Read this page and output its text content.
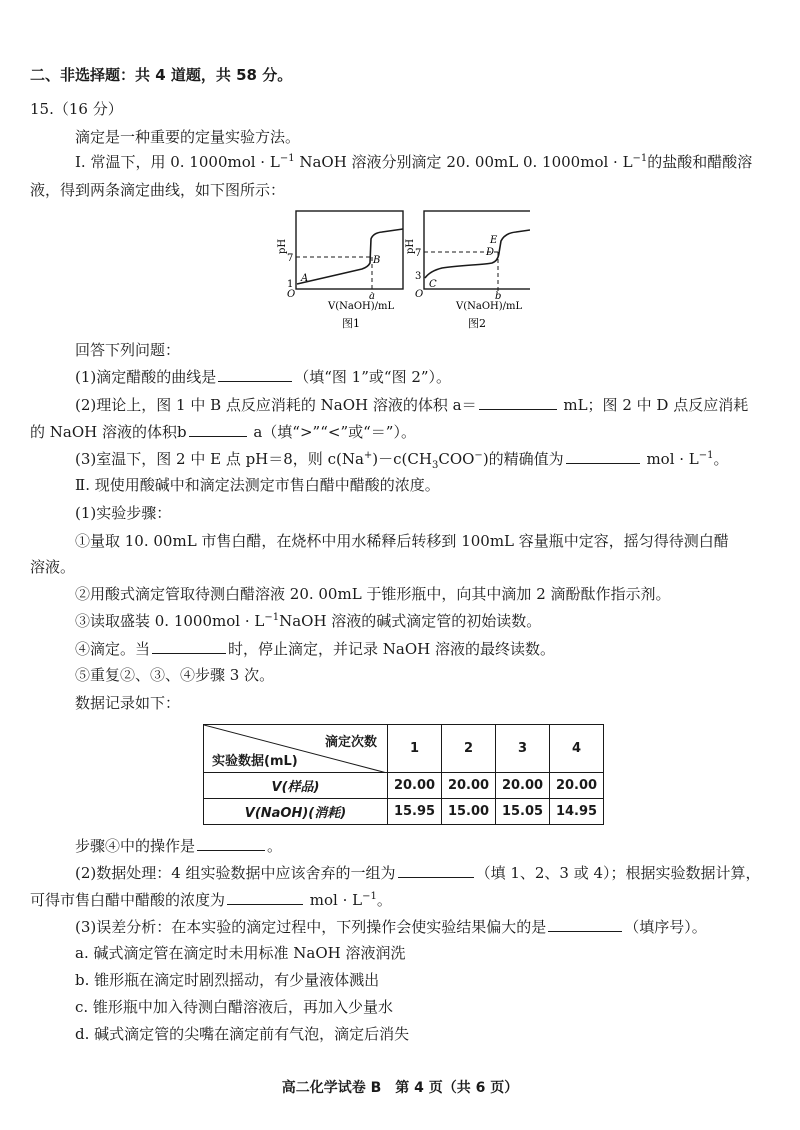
二、非选择题：共 4 道题，共 58 分。
15.（16 分）
滴定是一种重要的定量实验方法。
Ⅰ. 常温下，用 0. $1000mol \cdot L^{-1}$ NaOH 溶液分别滴定 20. 00mL 0. $1000mol \cdot L^{-1}$的盐酸和醋酸溶
液，得到两条滴定曲线，如下图所示：
pH
7
1
O
A
B
a
V(NaOH)/mL
图1
pH 7
3
O
C
D
E
b
V(NaOH)/mL
图2
回答下列问题：
(1)滴定醋酸的曲线是	（填“图 1”或“图 2”）。
(2)理论上，图 1 中 B 点反应消耗的 NaOH 溶液的体积 a＝	mL；图 2 中 D 点反应消耗
的 NaOH 溶液的体积b	a（填“>”“<”或“＝”）。
(3)室温下，图 2 中 E 点 pH＝8，则 $c(Na^+)-c(CH_3COO^-)$的精确值为	mol · $L^{-1}$。
Ⅱ. 现使用酸碱中和滴定法测定市售白醋中醋酸的浓度。
(1)实验步骤：
①量取 10. 00mL 市售白醋，在烧杯中用水稀释后转移到 100mL 容量瓶中定容，摇匀得待测白醋
溶液。
②用酸式滴定管取待测白醋溶液 20. 00mL 于锥形瓶中，向其中滴加 2 滴酚酞作指示剂。
③读取盛装 0. $1000mol \cdot L^{-1}NaOH$ 溶液的碱式滴定管的初始读数。
④滴定。当	时，停止滴定，并记录 NaOH 溶液的最终读数。
⑤重复②、③、④步骤 3 次。
数据记录如下：
滴定次数
实验数据(mL)	1	2	3	4
V(样品)	20.00	20.00	20.00	20.00
V(NaOH)(消耗)	15.95	15.00	15.05	14.95
步骤④中的操作是	。
(2)数据处理：4 组实验数据中应该舍弃的一组为	（填 1、2、3 或 4）；根据实验数据计算，
可得市售白醋中醋酸的浓度为	mol · $L^{-1}$。
(3)误差分析：在本实验的滴定过程中，下列操作会使实验结果偏大的是	（填序号）。
a. 碱式滴定管在滴定时未用标准 NaOH 溶液润洗
b. 锥形瓶在滴定时剧烈摇动，有少量液体溅出
c. 锥形瓶中加入待测白醋溶液后，再加入少量水
d. 碱式滴定管的尖嘴在滴定前有气泡，滴定后消失
高二化学试卷 B　第 4 页（共 6 页）
